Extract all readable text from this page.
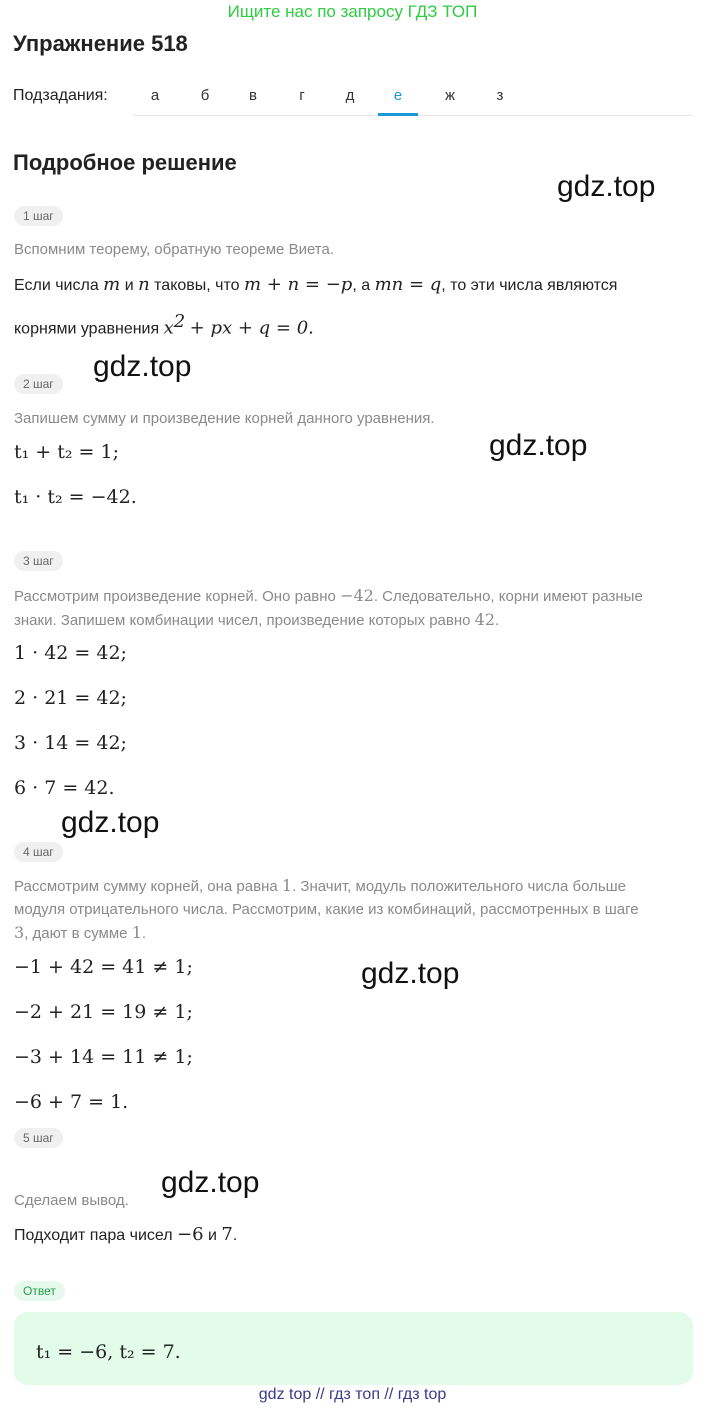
Ищите нас по запросу ГДЗ ТОП
Упражнение 518
Подзадания:	а	б	в	г	д	е	ж	з
Подробное решение
gdz.top
gdz.top
gdz.top
gdz.top
gdz.top
gdz.top
1 шаг
Вспомним теорему, обратную теореме Виета.
Если числа m и n таковы, что m + n = −p, а mn = q, то эти числа являются
корнями уравнения $x^2$ + px + q = 0.
2 шаг
Запишем сумму и произведение корней данного уравнения.
t₁ + t₂ = 1;
t₁ · t₂ = −42.
3 шаг
Рассмотрим произведение корней. Оно равно −42. Следовательно, корни имеют разные знаки. Запишем комбинации чисел, произведение которых равно 42.
1 · 42 = 42;
2 · 21 = 42;
3 · 14 = 42;
6 · 7 = 42.
4 шаг
Рассмотрим сумму корней, она равна 1. Значит, модуль положительного числа больше модуля отрицательного числа. Рассмотрим, какие из комбинаций, рассмотренных в шаге 3, дают в сумме 1.
−1 + 42 = 41 ≠ 1;
−2 + 21 = 19 ≠ 1;
−3 + 14 = 11 ≠ 1;
−6 + 7 = 1.
5 шаг
Сделаем вывод.
Подходит пара чисел −6 и 7.
Ответ
t₁ = −6, t₂ = 7.
gdz top // гдз топ // гдз top
